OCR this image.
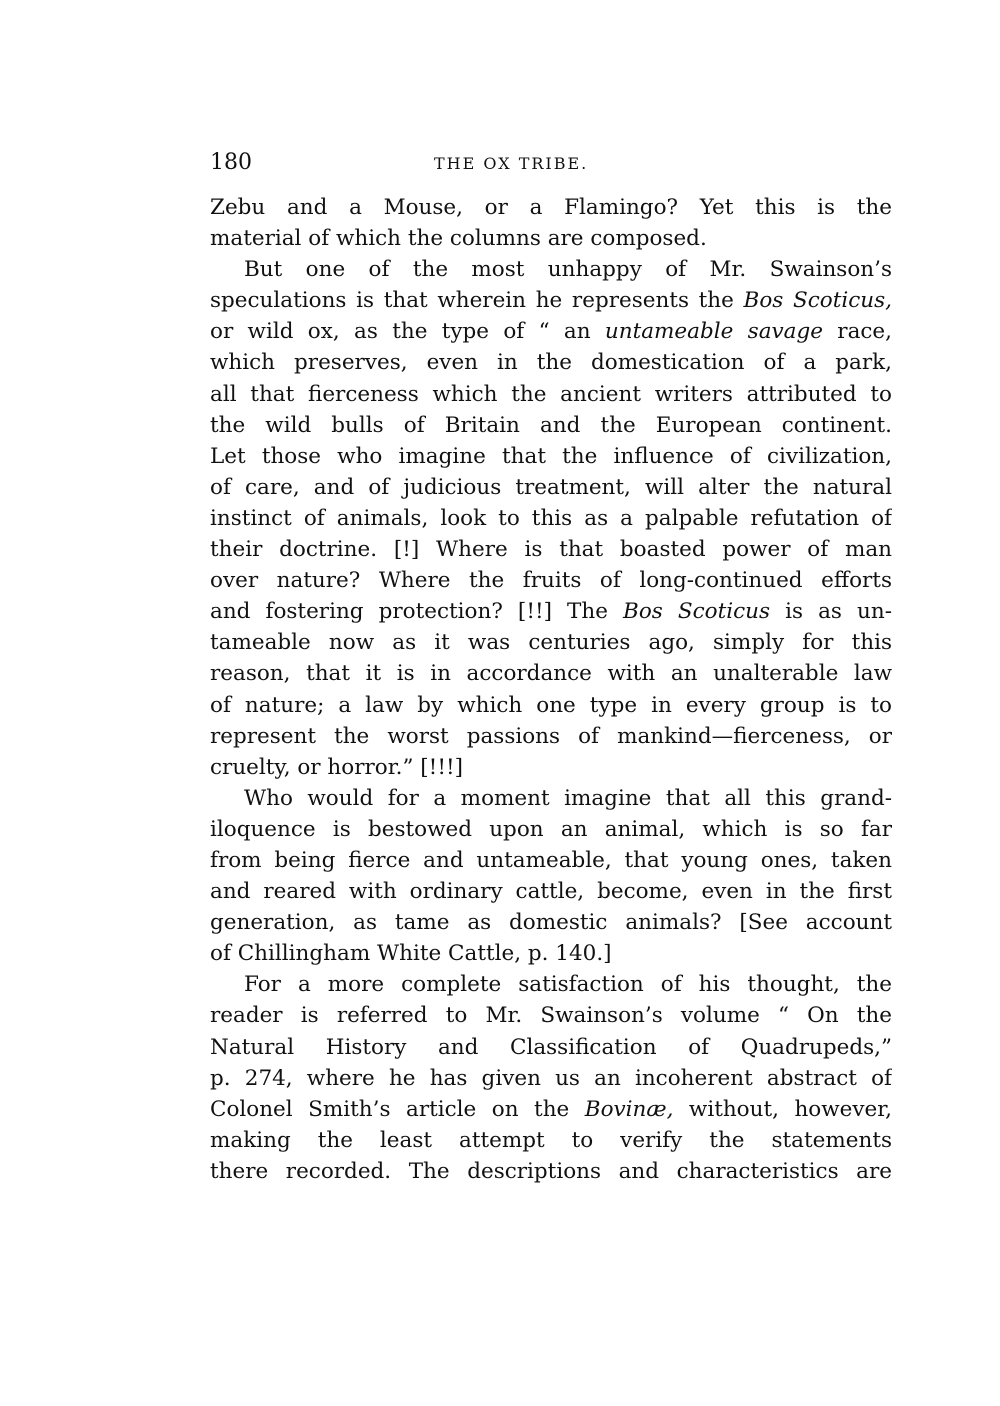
180	THE OX TRIBE.
Zebu and a Mouse, or a Flamingo? Yet this is the
material of which the columns are composed.
But one of the most unhappy of Mr. Swainson’s
speculations is that wherein he represents the Bos Scoticus,
or wild ox, as the type of “ an untameable savage race,
which preserves, even in the domestication of a park,
all that fierceness which the ancient writers attributed to
the wild bulls of Britain and the European continent.
Let those who imagine that the influence of civilization,
of care, and of judicious treatment, will alter the natural
instinct of animals, look to this as a palpable refutation of
their doctrine. [!] Where is that boasted power of man
over nature? Where the fruits of long-continued efforts
and fostering protection? [!!] The Bos Scoticus is as un-
tameable now as it was centuries ago, simply for this
reason, that it is in accordance with an unalterable law
of nature; a law by which one type in every group is to
represent the worst passions of mankind—fierceness, or
cruelty, or horror.” [!!!]
Who would for a moment imagine that all this grand-
iloquence is bestowed upon an animal, which is so far
from being fierce and untameable, that young ones, taken
and reared with ordinary cattle, become, even in the first
generation, as tame as domestic animals? [See account
of Chillingham White Cattle, p. 140.]
For a more complete satisfaction of his thought, the
reader is referred to Mr. Swainson’s volume “ On the
Natural History and Classification of Quadrupeds,”
p. 274, where he has given us an incoherent abstract of
Colonel Smith’s article on the Bovinæ, without, however,
making the least attempt to verify the statements
there recorded. The descriptions and characteristics are
